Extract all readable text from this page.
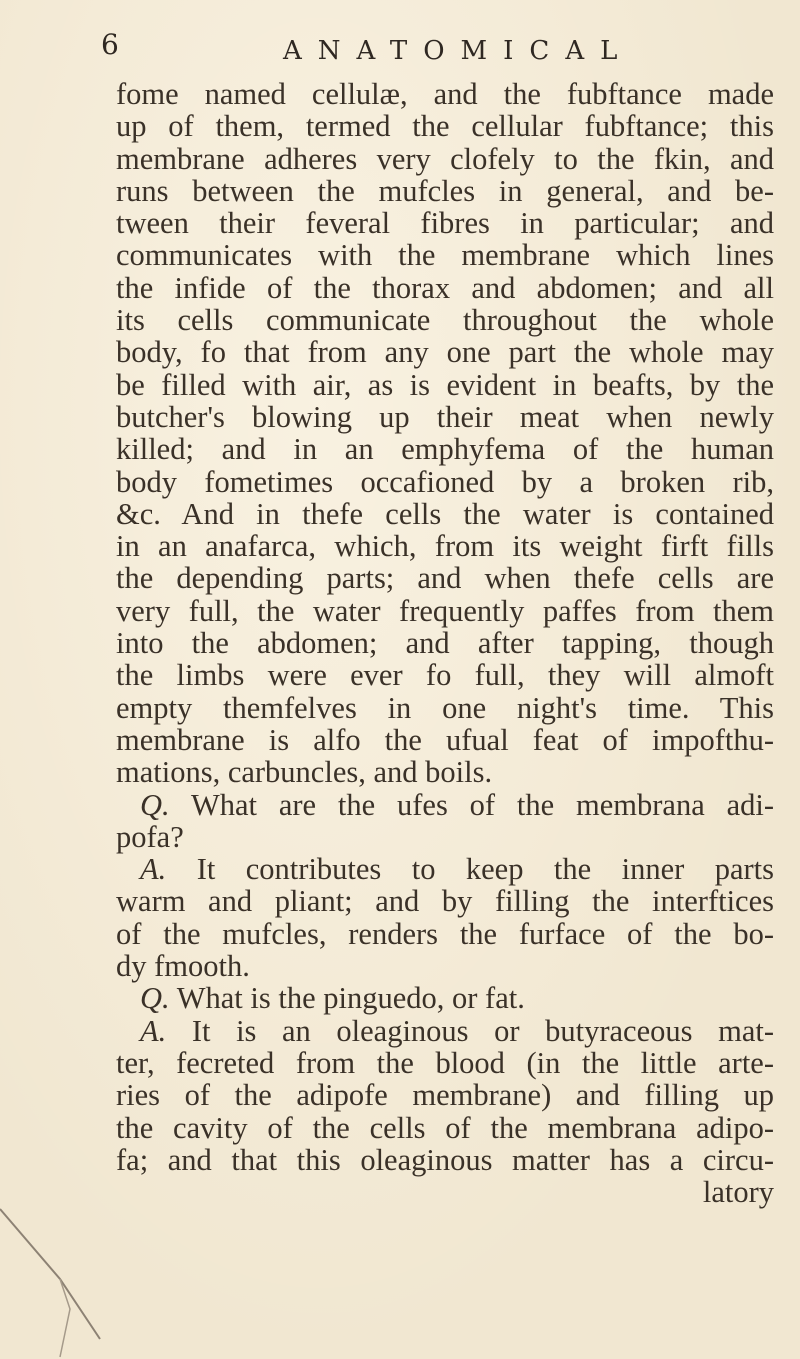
6	ANATOMICAL
fome named cellulæ, and the fubftance made
up of them, termed the cellular fubftance; this
membrane adheres very clofely to the fkin, and
runs between the mufcles in general, and be-
tween their feveral fibres in particular; and
communicates with the membrane which lines
the infide of the thorax and abdomen; and all
its cells communicate throughout the whole
body, fo that from any one part the whole may
be filled with air, as is evident in beafts, by the
butcher's blowing up their meat when newly
killed; and in an emphyfema of the human
body fometimes occafioned by a broken rib,
&c. And in thefe cells the water is contained
in an anafarca, which, from its weight firft fills
the depending parts; and when thefe cells are
very full, the water frequently paffes from them
into the abdomen; and after tapping, though
the limbs were ever fo full, they will almoft
empty themfelves in one night's time. This
membrane is alfo the ufual feat of impofthu-
mations, carbuncles, and boils.
Q. What are the ufes of the membrana adi-
pofa?
A. It contributes to keep the inner parts
warm and pliant; and by filling the interftices
of the mufcles, renders the furface of the bo-
dy fmooth.
Q. What is the pinguedo, or fat.
A. It is an oleaginous or butyraceous mat-
ter, fecreted from the blood (in the little arte-
ries of the adipofe membrane) and filling up
the cavity of the cells of the membrana adipo-
fa; and that this oleaginous matter has a circu-
latory
